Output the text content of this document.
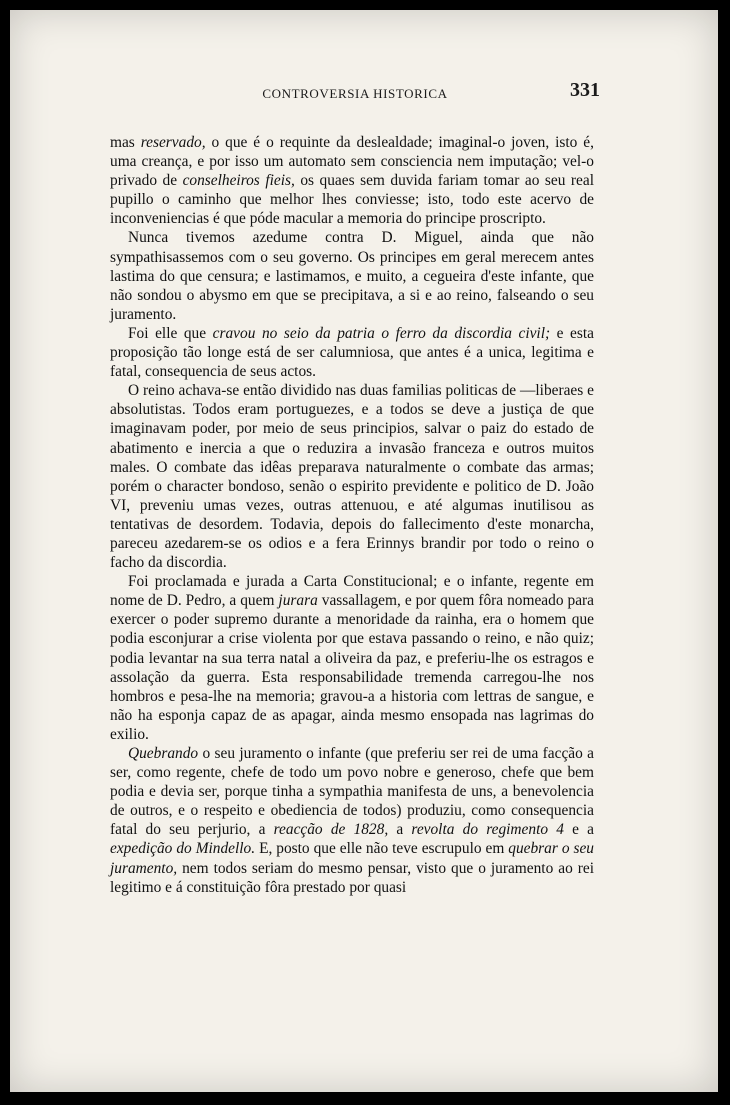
CONTROVERSIA HISTORICA	331

mas reservado, o que é o requinte da deslealdade; imaginal-o joven, isto é, uma creança, e por isso um automato sem consciencia nem imputação; vel-o privado de conselheiros fieis, os quaes sem duvida fariam tomar ao seu real pupillo o caminho que melhor lhes conviesse; isto, todo este acervo de inconveniencias é que póde macular a memoria do principe proscripto.

Nunca tivemos azedume contra D. Miguel, ainda que não sympathisassemos com o seu governo. Os principes em geral merecem antes lastima do que censura; e lastimamos, e muito, a cegueira d'este infante, que não sondou o abysmo em que se precipitava, a si e ao reino, falseando o seu juramento.

Foi elle que cravou no seio da patria o ferro da discordia civil; e esta proposição tão longe está de ser calumniosa, que antes é a unica, legitima e fatal, consequencia de seus actos.

O reino achava-se então dividido nas duas familias politicas de —liberaes e absolutistas. Todos eram portuguezes, e a todos se deve a justiça de que imaginavam poder, por meio de seus principios, salvar o paiz do estado de abatimento e inercia a que o reduzira a invasão franceza e outros muitos males. O combate das idêas preparava naturalmente o combate das armas; porém o character bondoso, senão o espirito previdente e politico de D. João VI, preveniu umas vezes, outras attenuou, e até algumas inutilisou as tentativas de desordem. Todavia, depois do fallecimento d'este monarcha, pareceu azedarem-se os odios e a fera Erinnys brandir por todo o reino o facho da discordia.

Foi proclamada e jurada a Carta Constitucional; e o infante, regente em nome de D. Pedro, a quem jurara vassallagem, e por quem fôra nomeado para exercer o poder supremo durante a menoridade da rainha, era o homem que podia esconjurar a crise violenta por que estava passando o reino, e não quiz; podia levantar na sua terra natal a oliveira da paz, e preferiu-lhe os estragos e assolação da guerra. Esta responsabilidade tremenda carregou-lhe nos hombros e pesa-lhe na memoria; gravou-a a historia com lettras de sangue, e não ha esponja capaz de as apagar, ainda mesmo ensopada nas lagrimas do exilio.

Quebrando o seu juramento o infante (que preferiu ser rei de uma facção a ser, como regente, chefe de todo um povo nobre e generoso, chefe que bem podia e devia ser, porque tinha a sympathia manifesta de uns, a benevolencia de outros, e o respeito e obediencia de todos) produziu, como consequencia fatal do seu perjurio, a reacção de 1828, a revolta do regimento 4 e a expedição do Mindello. E, posto que elle não teve escrupulo em quebrar o seu juramento, nem todos seriam do mesmo pensar, visto que o juramento ao rei legitimo e á constituição fôra prestado por quasi
